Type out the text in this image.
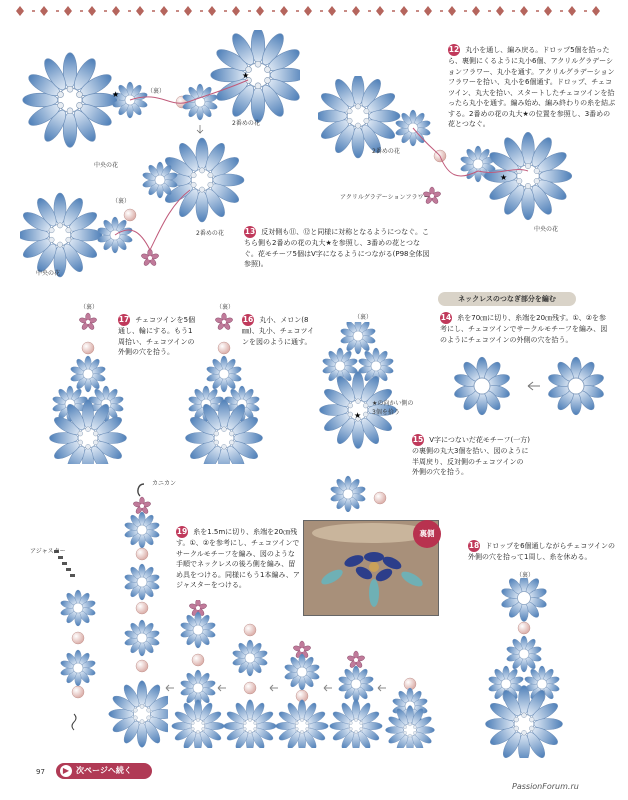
★
★
（裏）
中央の花
2番めの花
2番めの花
（裏）
中央の花
★
2番めの花
アクリルグラデーションフラワー
中央の花
12 丸小を通し、編み戻る。ドロップ5個を拾ったら、裏側にくるように丸小6個、アクリルグラデーションフラワー、丸小を通す。アクリルグラデーションフラワーを拾い、丸小を6個通す。ドロップ、チェコツイン、丸大を拾い、スタートしたチェコツインを拾ったら丸小を通す。編み始め、編み終わりの糸を結ぶする。2番めの花の丸大★の位置を参照し、3番めの花とつなぐ。
13 反対側も⑪、⑫と同様に対称となるようにつなぐ。こちら側も2番めの花の丸大★を参照し、3番めの花とつなぐ。花モチーフ5個はV字になるようにつながる(P98全体図参照)。
（裏）
17 チェコツインを5個通し、輪にする。もう1周拾い、チェコツインの外側の穴を拾う。
（裏）
16 丸小、メロン(8㎜)、丸小、チェコツインを図のように通す。
★
（裏）
★の向かい側の
3個を拾う
ネックレスのつなぎ部分を編む
14 糸を70㎝に切り、糸端を20㎝残す。①、②を参考にし、チェコツインでサークルモチーフを編み、図のようにチェコツインの外側の穴を拾う。
15 V字につないだ花モチーフ(一方)の裏側の丸大3個を拾い、図のように半周戻り、反対側のチェコツインの外側の穴を拾う。
カニカン
アジャスター
19 糸を1.5mに切り、糸端を20㎝残す。①、②を参考にし、チェコツインでサークルモチーフを編み、図のような手順でネックレスの後ろ側を編み、留め具をつける。同様にもう1本編み、アジャスターをつける。
裏側
18 ドロップを6個通しながらチェコツインの外側の穴を拾って1周し、糸を休める。
（裏）
97	▶ 次ページへ続く
PassionForum.ru
